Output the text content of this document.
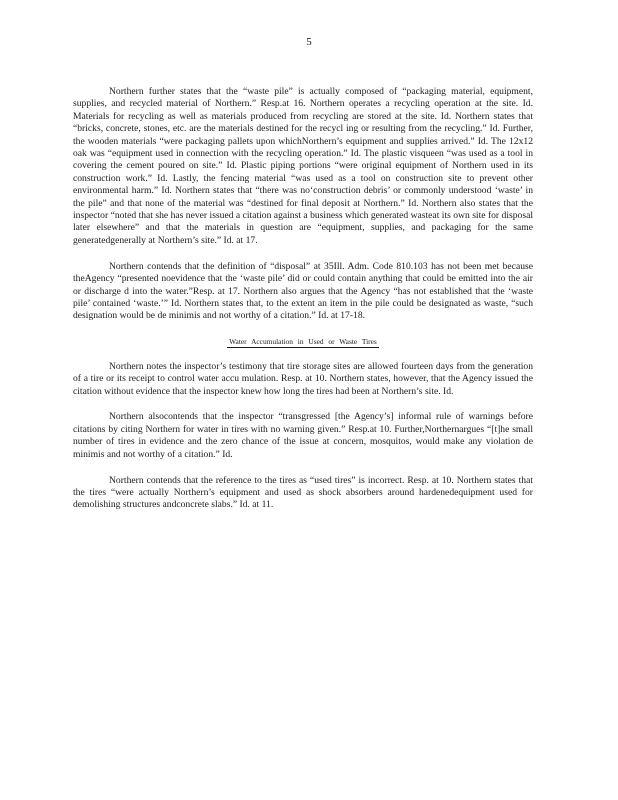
5

Northern further states that the “waste pile” is actually composed of “packaging material, equipment, supplies, and recycled material of Northern.” Resp.at 16. Northern operates a recycling operation at the site. Id. Materials for recycling as well as materials produced from recycling are stored at the site. Id. Northern states that “bricks, concrete, stones, etc. are the materials destined for the recycl ing or resulting from the recycling.” Id. Further, the wooden materials “were packaging pallets upon whichNorthern’s equipment and supplies arrived.” Id. The 12x12 oak was “equipment used in connection with the recycling operation.” Id. The plastic visqueen “was used as a tool in covering the cement poured on site.” Id. Plastic piping portions “were original equipment of Northern used in its construction work.” Id. Lastly, the fencing material “was used as a tool on construction site to prevent other environmental harm.” Id. Northern states that “there was no‘construction debris’ or commonly understood ‘waste’ in the pile” and that none of the material was “destined for final deposit at Northern.” Id. Northern also states that the inspector “noted that she has never issued a citation against a business which generated wasteat its own site for disposal later elsewhere” and that the materials in question are “equipment, supplies, and packaging for the same generatedgenerally at Northern’s site.” Id. at 17.

Northern contends that the definition of “disposal” at 35Ill. Adm. Code 810.103 has not been met because theAgency “presented noevidence that the ‘waste pile’ did or could contain anything that could be emitted into the air or discharge d into the water.”Resp. at 17. Northern also argues that the Agency “has not established that the ‘waste pile’ contained ‘waste.’” Id. Northern states that, to the extent an item in the pile could be designated as waste, “such designation would be de minimis and not worthy of a citation.” Id. at 17-18.

Water Accumulation in Used or Waste Tires

Northern notes the inspector’s testimony that tire storage sites are allowed fourteen days from the generation of a tire or its receipt to control water accu mulation. Resp. at 10. Northern states, however, that the Agency issued the citation without evidence that the inspector knew how long the tires had been at Northern’s site. Id.

Northern alsocontends that the inspector “transgressed [the Agency’s] informal rule of warnings before citations by citing Northern for water in tires with no warning given.” Resp.at 10. Further,Northernargues “[t]he small number of tires in evidence and the zero chance of the issue at concern, mosquitos, would make any violation de minimis and not worthy of a citation.” Id.

Northern contends that the reference to the tires as “used tires” is incorrect. Resp. at 10. Northern states that the tires “were actually Northern’s equipment and used as shock absorbers around hardenedequipment used for demolishing structures andconcrete slabs.” Id. at 11.
